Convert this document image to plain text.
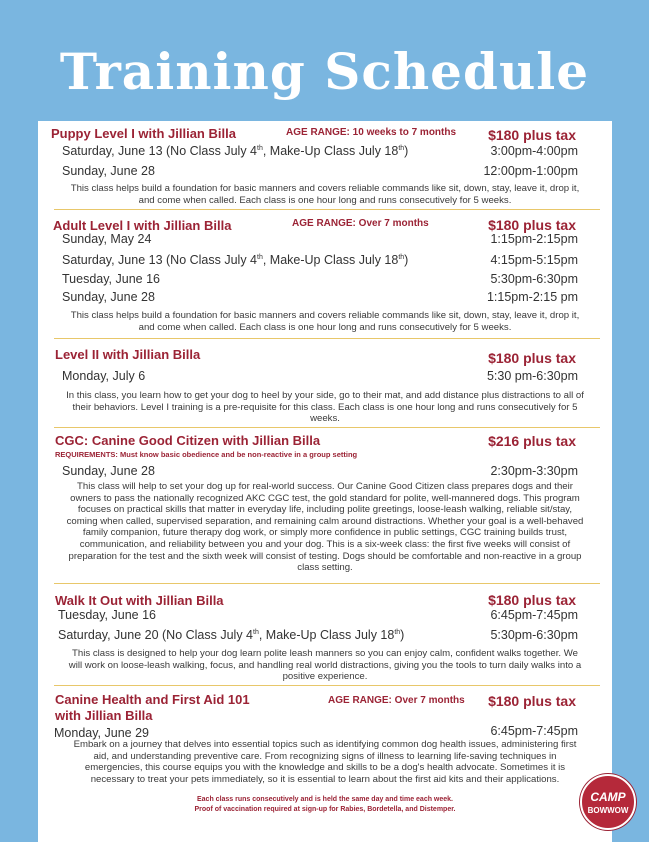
Training Schedule
Puppy Level I with Jillian Billa	AGE RANGE: 10 weeks to 7 months $180 plus tax
Saturday, June 13 (No Class July 4th, Make-Up Class July 18th)	3:00pm-4:00pm
Sunday, June 28	12:00pm-1:00pm
This class helps build a foundation for basic manners and covers reliable commands like sit, down, stay, leave it, drop it, and come when called. Each class is one hour long and runs consecutively for 5 weeks.
Adult Level I with Jillian Billa	AGE RANGE: Over 7 months	$180 plus tax
Sunday, May 24	1:15pm-2:15pm
Saturday, June 13 (No Class July 4th, Make-Up Class July 18th)	4:15pm-5:15pm
Tuesday, June 16	5:30pm-6:30pm
Sunday, June 28	1:15pm-2:15 pm
This class helps build a foundation for basic manners and covers reliable commands like sit, down, stay, leave it, drop it, and come when called. Each class is one hour long and runs consecutively for 5 weeks.
Level II with Jillian Billa	$180 plus tax
Monday, July 6	5:30 pm-6:30pm
In this class, you learn how to get your dog to heel by your side, go to their mat, and add distance plus distractions to all of their behaviors. Level I training is a pre-requisite for this class. Each class is one hour long and runs consecutively for 5 weeks.
CGC: Canine Good Citizen with Jillian Billa	$216 plus tax
REQUIREMENTS: Must know basic obedience and be non-reactive in a group setting
Sunday, June 28	2:30pm-3:30pm
This class will help to set your dog up for real-world success. Our Canine Good Citizen class prepares dogs and their owners to pass the nationally recognized AKC CGC test, the gold standard for polite, well-mannered dogs. This program focuses on practical skills that matter in everyday life, including polite greetings, loose-leash walking, reliable sit/stay, coming when called, supervised separation, and remaining calm around distractions. Whether your goal is a well-behaved family companion, future therapy dog work, or simply more confidence in public settings, CGC training builds trust, communication, and reliability between you and your dog. This is a six-week class: the first five weeks will consist of preparation for the test and the sixth week will consist of testing. Dogs should be comfortable and non-reactive in a group class setting.
Walk It Out with Jillian Billa	$180 plus tax
Tuesday, June 16	6:45pm-7:45pm
Saturday, June 20 (No Class July 4th, Make-Up Class July 18th)	5:30pm-6:30pm
This class is designed to help your dog learn polite leash manners so you can enjoy calm, confident walks together. We will work on loose-leash walking, focus, and handling real world distractions, giving you the tools to turn daily walks into a positive experience.
Canine Health and First Aid 101
with Jillian Billa
AGE RANGE: Over 7 months $180 plus tax
Monday, June 29	6:45pm-7:45pm
Embark on a journey that delves into essential topics such as identifying common dog health issues, administering first aid, and understanding preventive care. From recognizing signs of illness to learning life-saving techniques in emergencies, this course equips you with the knowledge and skills to be a dog's health advocate. Sometimes it is necessary to treat your pets immediately, so it is essential to learn about the first aid kits and their applications.
Each class runs consecutively and is held the same day and time each week.
Proof of vaccination required at sign-up for Rabies, Bordetella, and Distemper.
CAMP
BOWWOW
